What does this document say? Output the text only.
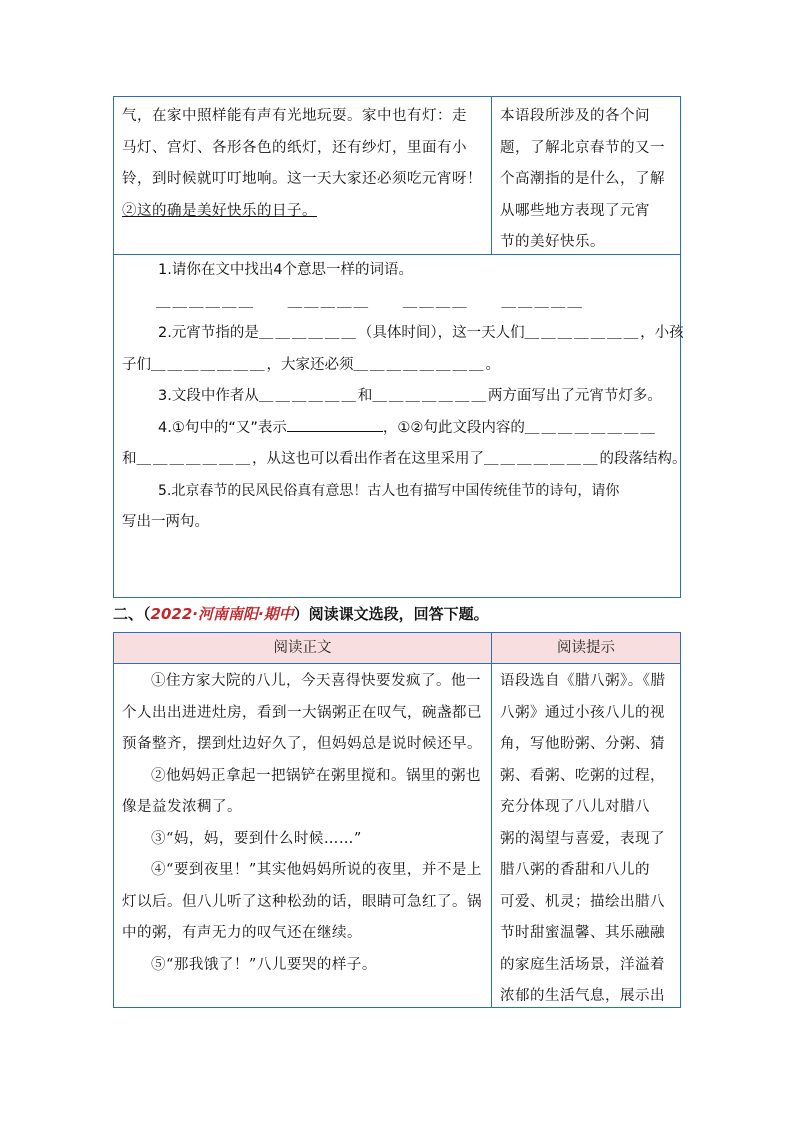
气，在家中照样能有声有光地玩耍。家中也有灯：走
马灯、宫灯、各形各色的纸灯，还有纱灯，里面有小
铃，到时候就叮叮地响。这一天大家还必须吃元宵呀！
②这的确是美好快乐的日子。
本语段所涉及的各个问
题，了解北京春节的又一
个高潮指的是什么，了解
从哪些地方表现了元宵
节的美好快乐。
1.请你在文中找出4个意思一样的词语。
＿＿＿＿＿＿ ＿＿＿＿＿ ＿＿＿＿ ＿＿＿＿＿
2.元宵节指的是＿＿＿＿＿＿（具体时间），这一天人们＿＿＿＿＿＿＿，小孩
子们＿＿＿＿＿＿＿，大家还必须＿＿＿＿＿＿＿＿。
3.文段中作者从＿＿＿＿＿＿和＿＿＿＿＿＿＿两方面写出了元宵节灯多。
4.①句中的“又”表示	，①②句此文段内容的＿＿＿＿＿＿＿＿
和＿＿＿＿＿＿＿，从这也可以看出作者在这里采用了＿＿＿＿＿＿＿的段落结构。
5.北京春节的民风民俗真有意思！古人也有描写中国传统佳节的诗句，请你
写出一两句。
二、（2022·河南南阳·期中）阅读课文选段，回答下题。
阅读正文	阅读提示

①住方家大院的八儿，今天喜得快要发疯了。他一个人出出进进灶房，看到一大锅粥正在叹气，碗盏都已预备整齐，摆到灶边好久了，但妈妈总是说时候还早。

②他妈妈正拿起一把锅铲在粥里搅和。锅里的粥也像是益发浓稠了。

③“妈，妈，要到什么时候……”

④“要到夜里！”其实他妈妈所说的夜里，并不是上灯以后。但八儿听了这种松劲的话，眼睛可急红了。锅中的粥，有声无力的叹气还在继续。

⑤“那我饿了！”八儿要哭的样子。

语段选自《腊八粥》。《腊
八粥》通过小孩八儿的视
角，写他盼粥、分粥、猜
粥、看粥、吃粥的过程，
充分体现了八儿对腊八
粥的渴望与喜爱，表现了
腊八粥的香甜和八儿的
可爱、机灵；描绘出腊八
节时甜蜜温馨、其乐融融
的家庭生活场景，洋溢着
浓郁的生活气息，展示出
